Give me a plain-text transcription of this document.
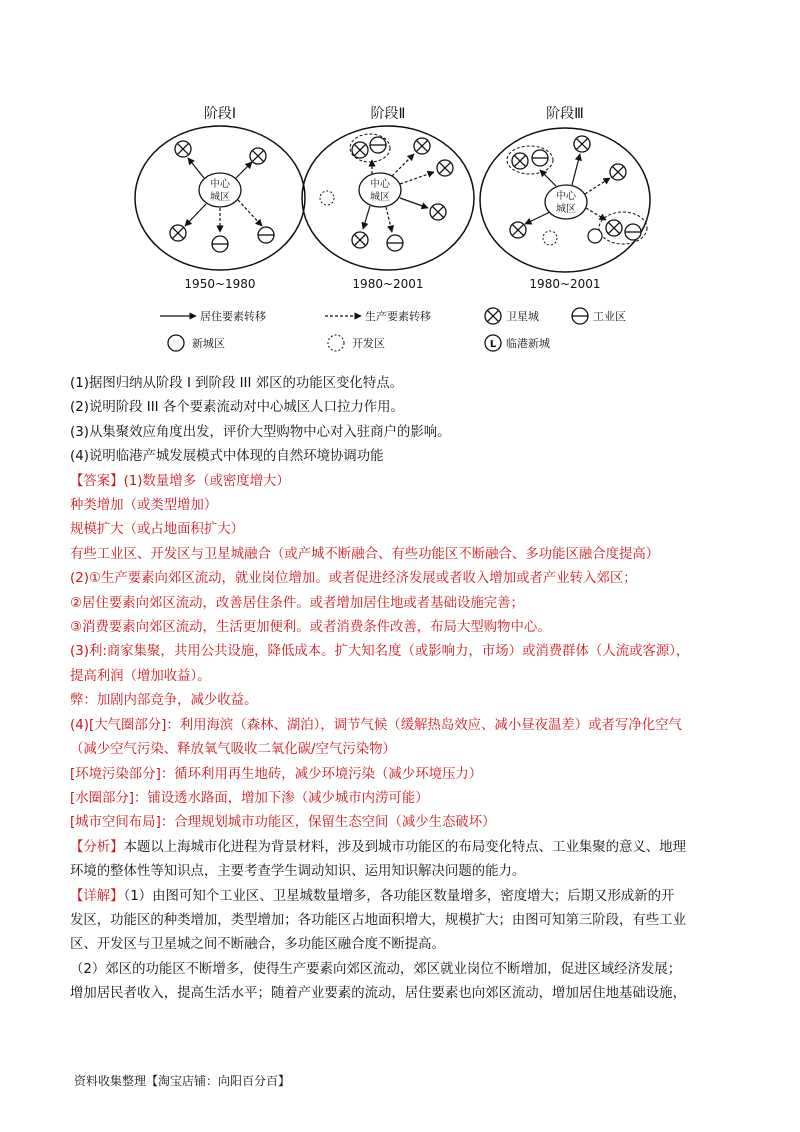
阶段Ⅰ
中心
城区
1950~1980
阶段Ⅱ
中心
城区
1980~2001
阶段Ⅲ
中心
城区
1980~2001
居住要素转移	生产要素转移	卫星城	工业区
新城区	开发区	L 临港新城
(1)据图归纳从阶段 I 到阶段 III 郊区的功能区变化特点。
(2)说明阶段 III 各个要素流动对中心城区人口拉力作用。
(3)从集聚效应角度出发，评价大型购物中心对入驻商户的影响。
(4)说明临港产城发展模式中体现的自然环境协调功能
【答案】(1)数量增多（或密度增大）
种类增加（或类型增加）
规模扩大（或占地面积扩大）
有些工业区、开发区与卫星城融合（或产城不断融合、有些功能区不断融合、多功能区融合度提高）
(2)①生产要素向郊区流动，就业岗位增加。或者促进经济发展或者收入增加或者产业转入郊区；
②居住要素向郊区流动，改善居住条件。或者增加居住地或者基础设施完善；
③消费要素向郊区流动，生活更加便利。或者消费条件改善，布局大型购物中心。
(3)利:商家集聚，共用公共设施，降低成本。扩大知名度（或影响力，市场）或消费群体（人流或客源），
提高利润（增加收益）。
弊：加剧内部竞争，减少收益。
(4)[大气圈部分]：利用海滨（森林、湖泊），调节气候（缓解热岛效应、减小昼夜温差）或者写净化空气
（减少空气污染、释放氧气吸收二氧化碳/空气污染物）
[环境污染部分]：循环利用再生地砖，减少环境污染（减少环境压力）
[水圈部分]：铺设透水路面，增加下渗（减少城市内涝可能）
[城市空间布局]：合理规划城市功能区，保留生态空间（减少生态破坏）
【分析】本题以上海城市化进程为背景材料，涉及到城市功能区的布局变化特点、工业集聚的意义、地理
环境的整体性等知识点，主要考查学生调动知识、运用知识解决问题的能力。
【详解】（1）由图可知个工业区、卫星城数量增多，各功能区数量增多，密度增大；后期又形成新的开
发区，功能区的种类增加，类型增加；各功能区占地面积增大，规模扩大；由图可知第三阶段，有些工业
区、开发区与卫星城之间不断融合，多功能区融合度不断提高。
（2）郊区的功能区不断增多，使得生产要素向郊区流动，郊区就业岗位不断增加，促进区域经济发展；
增加居民者收入，提高生活水平；随着产业要素的流动，居住要素也向郊区流动，增加居住地基础设施，
资料收集整理【淘宝店铺：向阳百分百】
